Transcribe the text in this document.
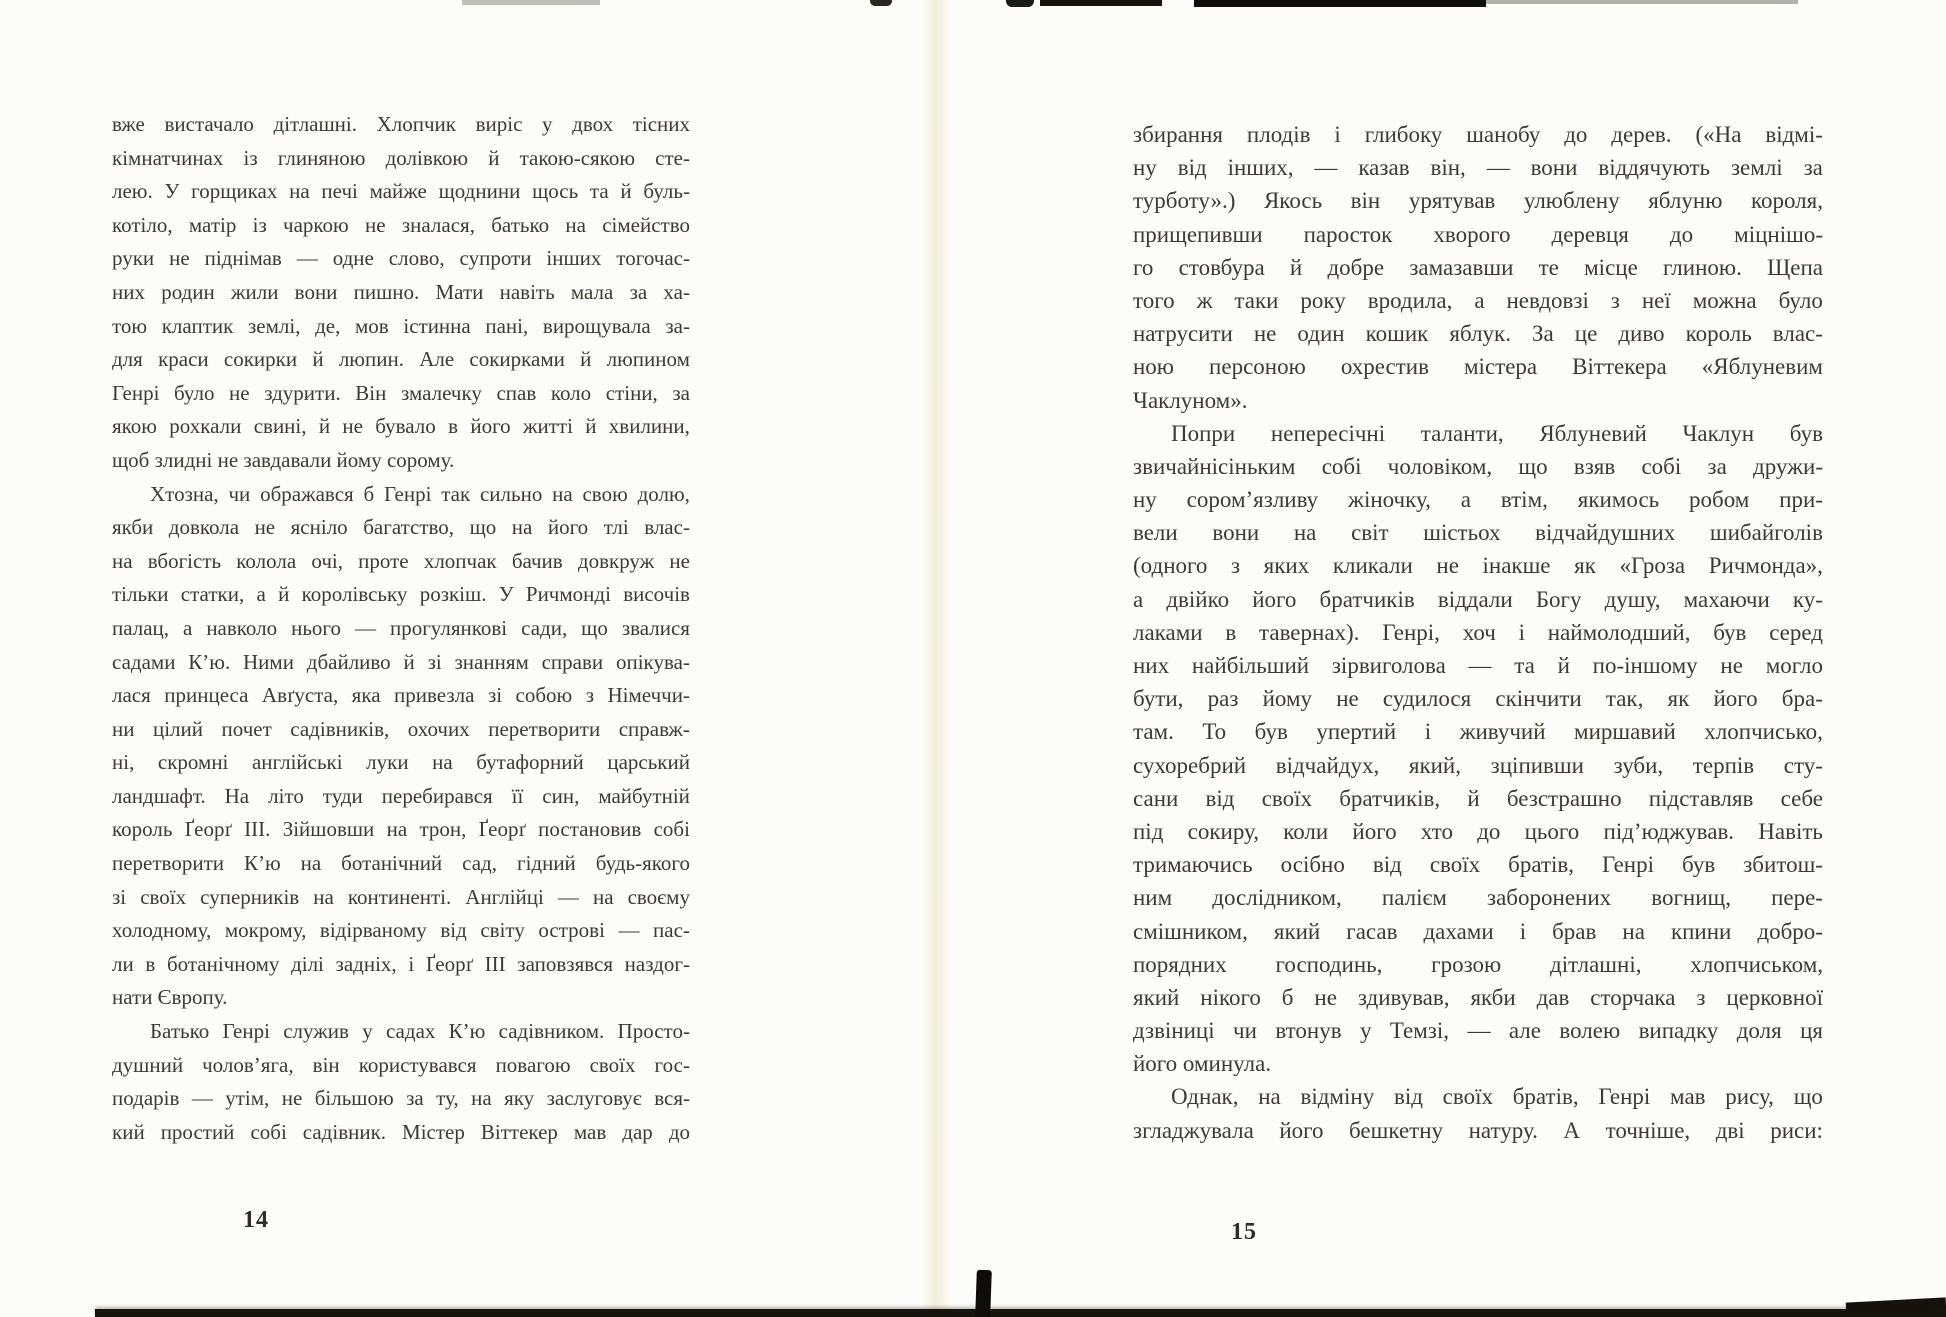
вже вистачало дітлашні. Хлопчик виріс у двох тісних
кімнатчинах із глиняною долівкою й такою-сякою сте-
лею. У горщиках на печі майже щоднини щось та й буль-
котіло, матір із чаркою не зналася, батько на сімейство
руки не піднімав — одне слово, супроти інших тогочас-
них родин жили вони пишно. Мати навіть мала за ха-
тою клаптик землі, де, мов істинна пані, вирощувала за-
для краси сокирки й люпин. Але сокирками й люпином
Генрі було не здурити. Він змалечку спав коло стіни, за
якою рохкали свині, й не бувало в його житті й хвилини,
щоб злидні не завдавали йому сорому.
Хтозна, чи ображався б Генрі так сильно на свою долю,
якби довкола не ясніло багатство, що на його тлі влас-
на вбогість колола очі, проте хлопчак бачив довкруж не
тільки статки, а й королівську розкіш. У Ричмонді височів
палац, а навколо нього — прогулянкові сади, що звалися
садами К’ю. Ними дбайливо й зі знанням справи опікува-
лася принцеса Авґуста, яка привезла зі собою з Німеччи-
ни цілий почет садівників, охочих перетворити справж-
ні, скромні англійські луки на бутафорний царський
ландшафт. На літо туди перебирався її син, майбутній
король Ґеорґ III. Зійшовши на трон, Ґеорґ постановив собі
перетворити К’ю на ботанічний сад, гідний будь-якого
зі своїх суперників на континенті. Англійці — на своєму
холодному, мокрому, відірваному від світу острові — пас-
ли в ботанічному ділі задніх, і Ґеорґ III заповзявся наздог-
нати Європу.
Батько Генрі служив у садах К’ю садівником. Просто-
душний чолов’яга, він користувався повагою своїх гос-
подарів — утім, не більшою за ту, на яку заслуговує вся-
кий простий собі садівник. Містер Віттекер мав дар до
14
збирання плодів і глибоку шанобу до дерев. («На відмі-
ну від інших, — казав він, — вони віддячують землі за
турботу».) Якось він урятував улюблену яблуню короля,
прищепивши паросток хворого деревця до міцнішо-
го стовбура й добре замазавши те місце глиною. Щепа
того ж таки року вродила, а невдовзі з неї можна було
натрусити не один кошик яблук. За це диво король влас-
ною персоною охрестив містера Віттекера «Яблуневим
Чаклуном».
Попри непересічні таланти, Яблуневий Чаклун був
звичайнісіньким собі чоловіком, що взяв собі за дружи-
ну сором’язливу жіночку, а втім, якимось робом при-
вели вони на світ шістьох відчайдушних шибайголів
(одного з яких кликали не інакше як «Гроза Ричмонда»,
а двійко його братчиків віддали Богу душу, махаючи ку-
лаками в тавернах). Генрі, хоч і наймолодший, був серед
них найбільший зірвиголова — та й по-іншому не могло
бути, раз йому не судилося скінчити так, як його бра-
там. То був упертий і живучий миршавий хлопчисько,
сухоребрий відчайдух, який, зціпивши зуби, терпів сту-
сани від своїх братчиків, й безстрашно підставляв себе
під сокиру, коли його хто до цього під’юджував. Навіть
тримаючись осібно від своїх братів, Генрі був збитош-
ним дослідником, палієм заборонених вогнищ, пере-
смішником, який гасав дахами і брав на кпини добро-
порядних господинь, грозою дітлашні, хлопчиськом,
який нікого б не здивував, якби дав сторчака з церковної
дзвіниці чи втонув у Темзі, — але волею випадку доля ця
його оминула.
Однак, на відміну від своїх братів, Генрі мав рису, що
згладжувала його бешкетну натуру. А точніше, дві риси:
15
